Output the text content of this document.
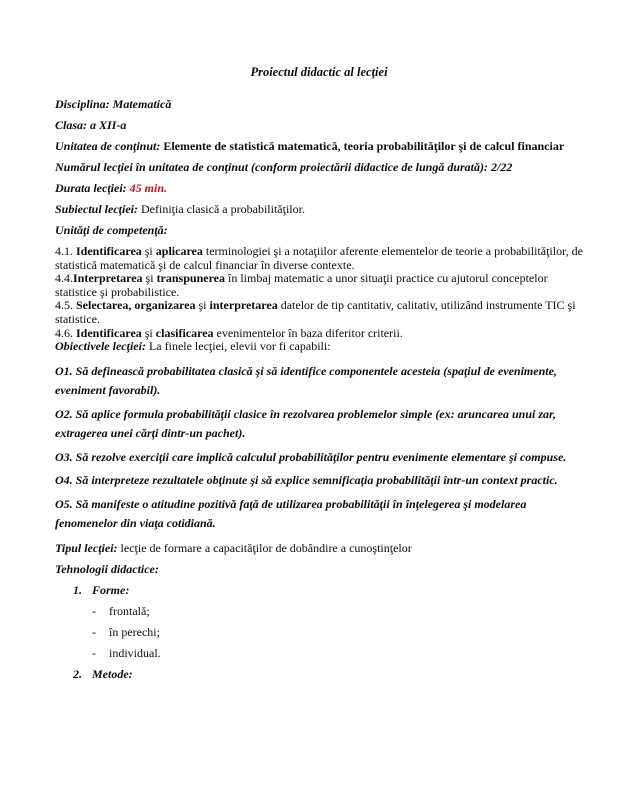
Proiectul didactic al lecţiei

Disciplina: Matematică

Clasa: a XII-a

Unitatea de conţinut: Elemente de statistică matematică, teoria probabilităţilor şi de calcul financiar

Numărul lecţiei în unitatea de conţinut (conform proiectării didactice de lungă durată): 2/22

Durata lecţiei: 45 min.

Subiectul lecţiei: Definiţia clasică a probabilităţilor.

Unităţi de competenţă:

4.1. Identificarea şi aplicarea terminologiei şi a notaţiilor aferente elementelor de teorie a probabilităţilor, de statistică matematică şi de calcul financiar în diverse contexte.

4.4.Interpretarea şi transpunerea în limbaj matematic a unor situaţii practice cu ajutorul conceptelor statistice şi probabilistice.

4.5. Selectarea, organizarea şi interpretarea datelor de tip cantitativ, calitativ, utilizând instrumente TIC şi statistice.

4.6. Identificarea şi clasificarea evenimentelor în baza diferitor criterii.

Obiectivele lecţiei: La finele lecţiei, elevii vor fi capabili:

O1. Să definească probabilitatea clasică şi să identifice componentele acesteia (spaţiul de evenimente, eveniment favorabil).

O2. Să aplice formula probabilităţii clasice în rezolvarea problemelor simple (ex: aruncarea unui zar, extragerea unei cărţi dintr-un pachet).

O3. Să rezolve exerciţii care implică calculul probabilităţilor pentru evenimente elementare şi compuse.

O4. Să interpreteze rezultatele obţinute şi să explice semnificaţia probabilităţii într-un context practic.

O5. Să manifeste o atitudine pozitivă faţă de utilizarea probabilităţii în înţelegerea şi modelarea fenomenelor din viaţa cotidiană.

Tipul lecţiei: lecţie de formare a capacităţilor de dobândire a cunoştinţelor

Tehnologii didactice:

1. Forme:

- frontală;

- în perechi;

- individual.

2. Metode:
